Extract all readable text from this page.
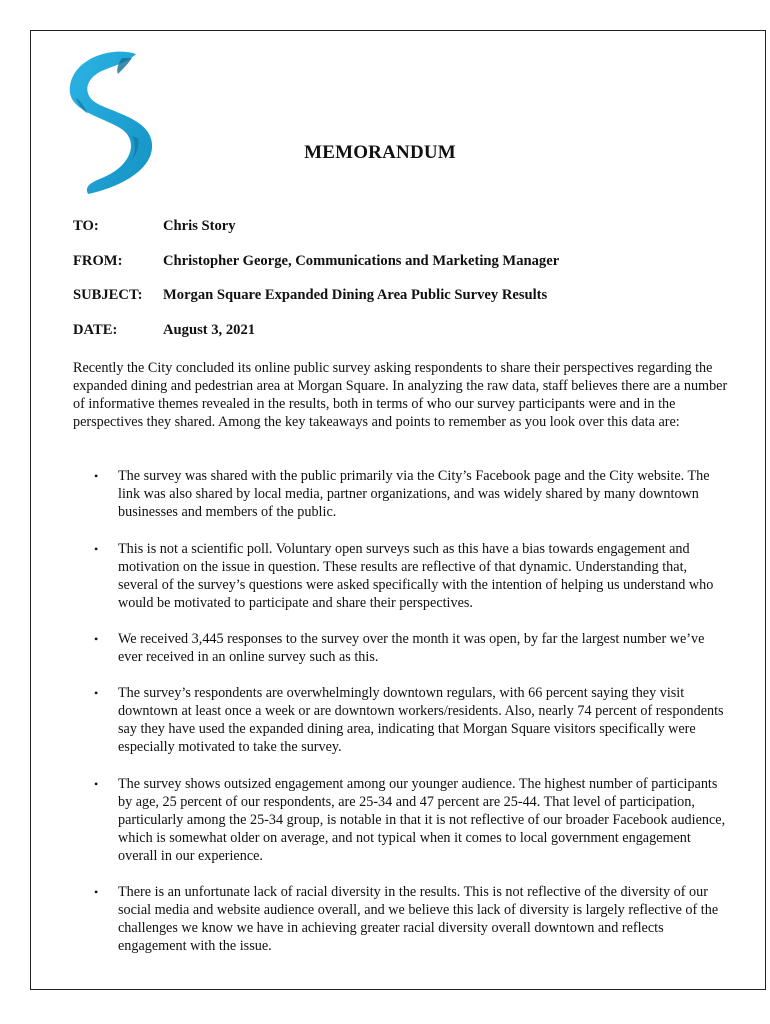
MEMORANDUM
TO:	Chris Story
FROM:	Christopher George, Communications and Marketing Manager
SUBJECT: Morgan Square Expanded Dining Area Public Survey Results
DATE:	August 3, 2021

Recently the City concluded its online public survey asking respondents to share their perspectives regarding the expanded dining and pedestrian area at Morgan Square. In analyzing the raw data, staff believes there are a number of informative themes revealed in the results, both in terms of who our survey participants were and in the perspectives they shared. Among the key takeaways and points to remember as you look over this data are:

• The survey was shared with the public primarily via the City’s Facebook page and the City website. The link was also shared by local media, partner organizations, and was widely shared by many downtown businesses and members of the public.
• This is not a scientific poll. Voluntary open surveys such as this have a bias towards engagement and motivation on the issue in question. These results are reflective of that dynamic. Understanding that, several of the survey’s questions were asked specifically with the intention of helping us understand who would be motivated to participate and share their perspectives.
• We received 3,445 responses to the survey over the month it was open, by far the largest number we’ve ever received in an online survey such as this.
• The survey’s respondents are overwhelmingly downtown regulars, with 66 percent saying they visit downtown at least once a week or are downtown workers/residents. Also, nearly 74 percent of respondents say they have used the expanded dining area, indicating that Morgan Square visitors specifically were especially motivated to take the survey.
• The survey shows outsized engagement among our younger audience. The highest number of participants by age, 25 percent of our respondents, are 25-34 and 47 percent are 25-44. That level of participation, particularly among the 25-34 group, is notable in that it is not reflective of our broader Facebook audience, which is somewhat older on average, and not typical when it comes to local government engagement overall in our experience.
• There is an unfortunate lack of racial diversity in the results. This is not reflective of the diversity of our social media and website audience overall, and we believe this lack of diversity is largely reflective of the challenges we know we have in achieving greater racial diversity overall downtown and reflects engagement with the issue.
